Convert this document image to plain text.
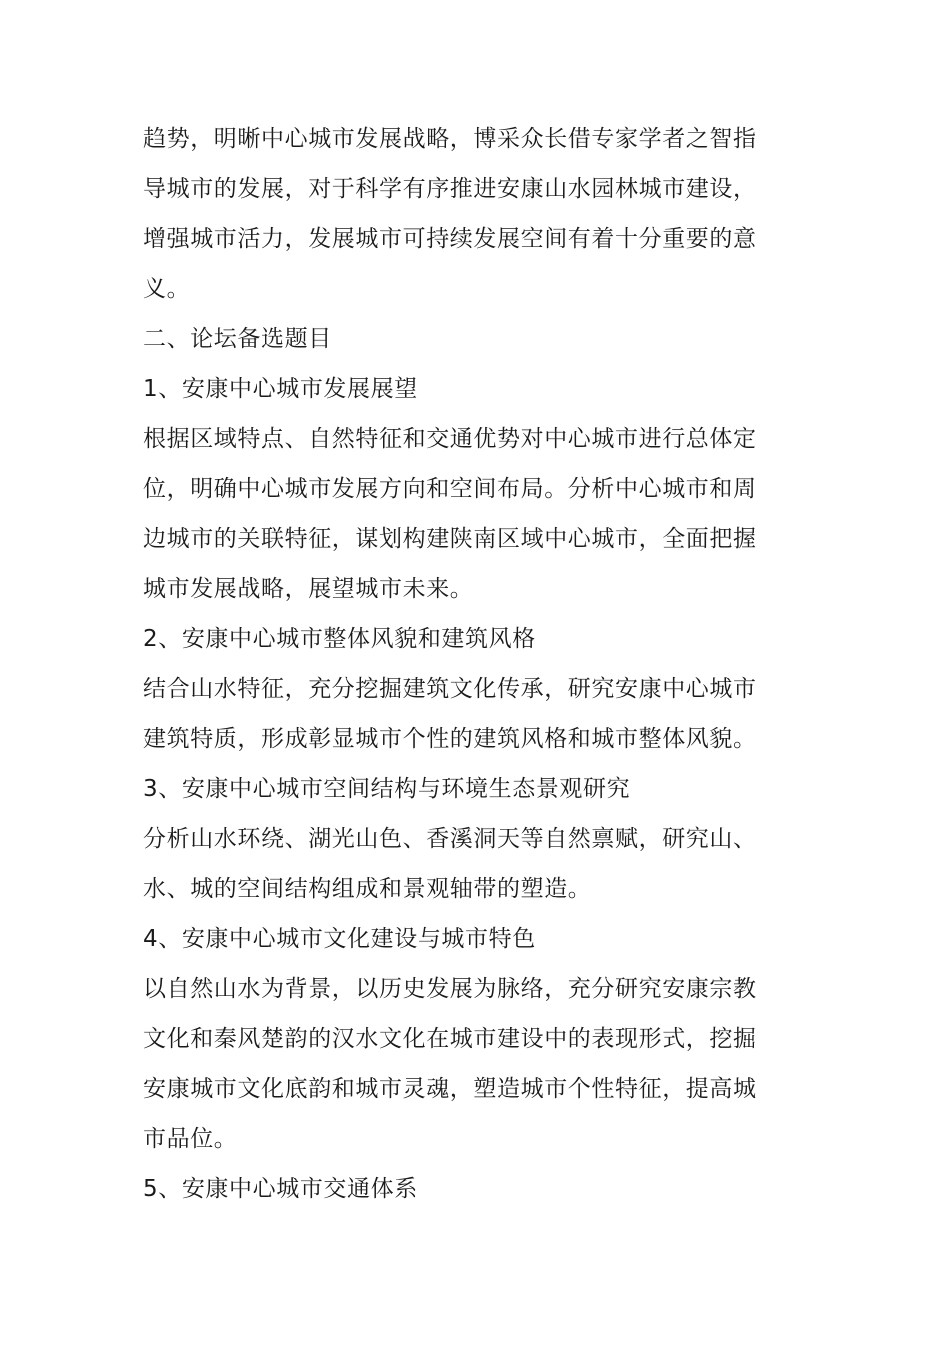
趋势，明晰中心城市发展战略，博采众长借专家学者之智指
导城市的发展，对于科学有序推进安康山水园林城市建设，
增强城市活力，发展城市可持续发展空间有着十分重要的意
义。
二、论坛备选题目
1、安康中心城市发展展望
根据区域特点、自然特征和交通优势对中心城市进行总体定
位，明确中心城市发展方向和空间布局。分析中心城市和周
边城市的关联特征，谋划构建陕南区域中心城市，全面把握
城市发展战略，展望城市未来。
2、安康中心城市整体风貌和建筑风格
结合山水特征，充分挖掘建筑文化传承，研究安康中心城市
建筑特质，形成彰显城市个性的建筑风格和城市整体风貌。
3、安康中心城市空间结构与环境生态景观研究
分析山水环绕、湖光山色、香溪洞天等自然禀赋，研究山、
水、城的空间结构组成和景观轴带的塑造。
4、安康中心城市文化建设与城市特色
以自然山水为背景，以历史发展为脉络，充分研究安康宗教
文化和秦风楚韵的汉水文化在城市建设中的表现形式，挖掘
安康城市文化底韵和城市灵魂，塑造城市个性特征，提高城
市品位。
5、安康中心城市交通体系
